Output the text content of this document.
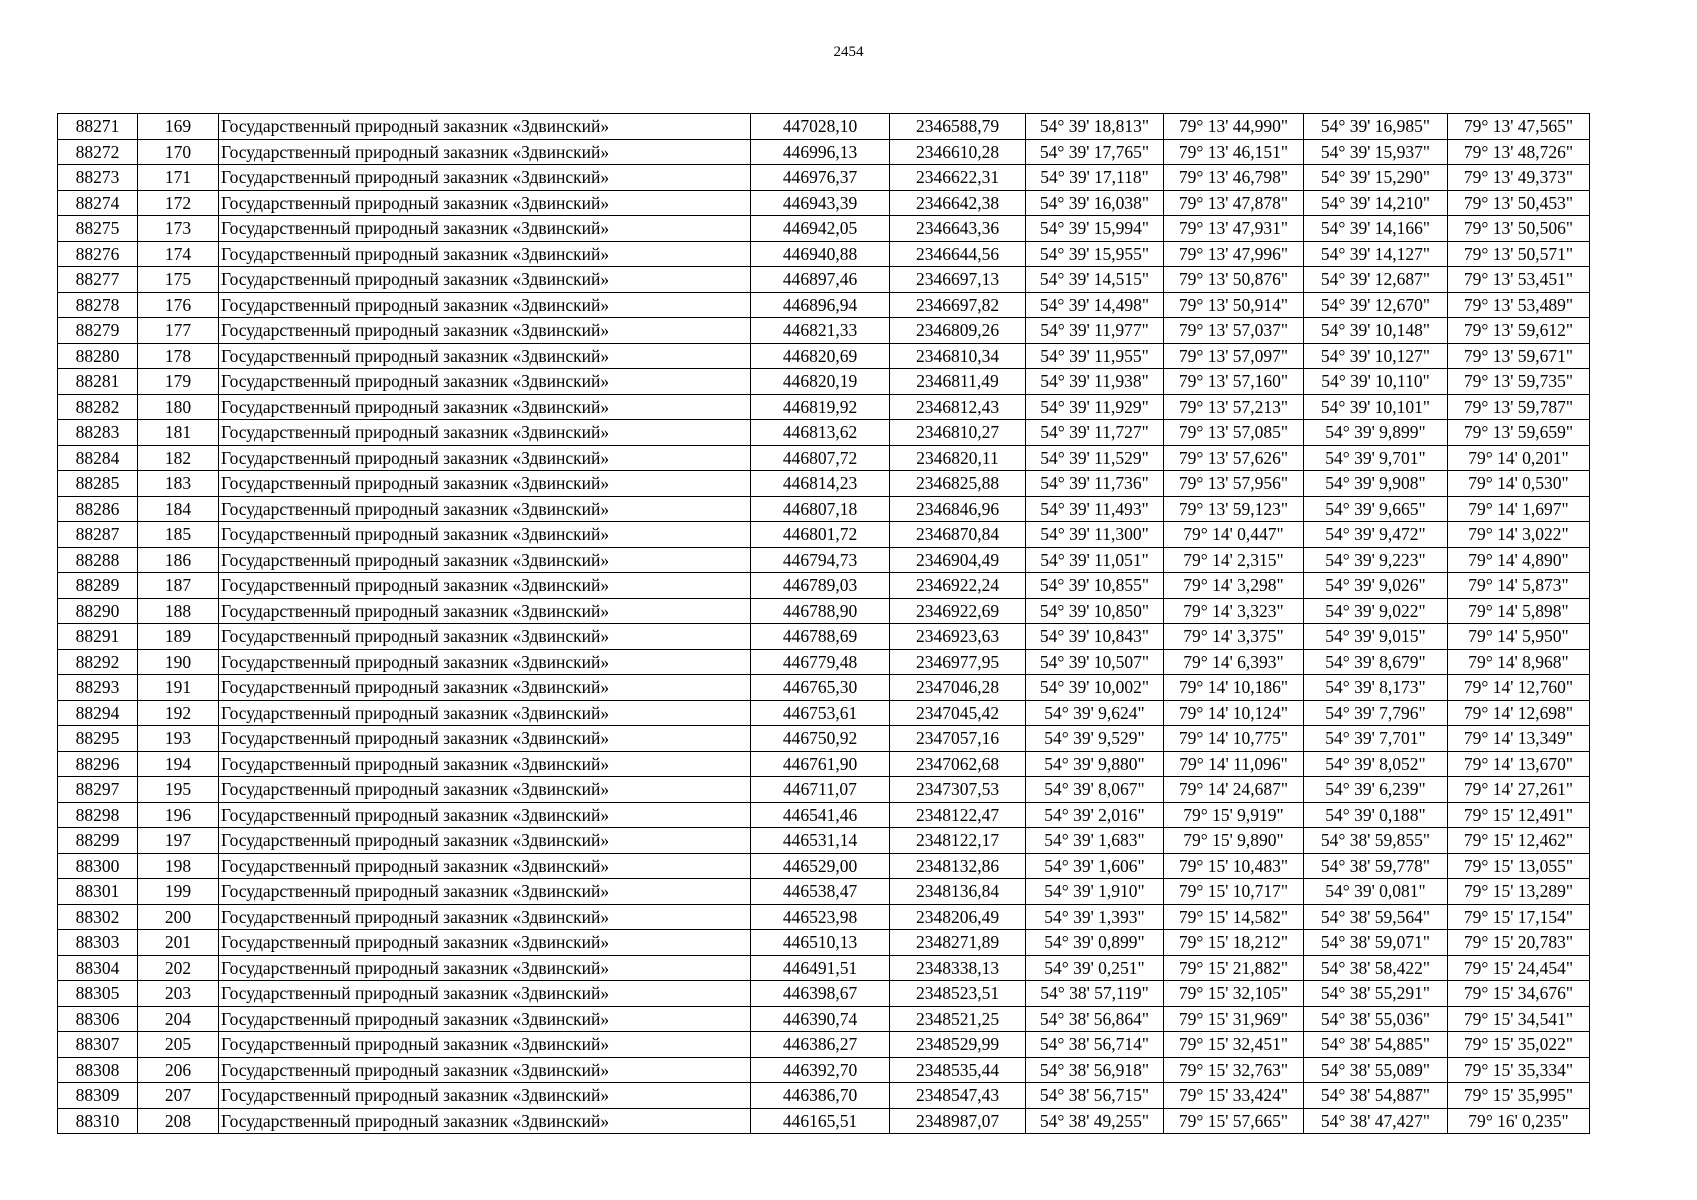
2454
88271	169	Государственный природный заказник «Здвинский»	447028,10	2346588,79	54° 39' 18,813"	79° 13' 44,990"	54° 39' 16,985"	79° 13' 47,565"
88272	170	Государственный природный заказник «Здвинский»	446996,13	2346610,28	54° 39' 17,765"	79° 13' 46,151"	54° 39' 15,937"	79° 13' 48,726"
88273	171	Государственный природный заказник «Здвинский»	446976,37	2346622,31	54° 39' 17,118"	79° 13' 46,798"	54° 39' 15,290"	79° 13' 49,373"
88274	172	Государственный природный заказник «Здвинский»	446943,39	2346642,38	54° 39' 16,038"	79° 13' 47,878"	54° 39' 14,210"	79° 13' 50,453"
88275	173	Государственный природный заказник «Здвинский»	446942,05	2346643,36	54° 39' 15,994"	79° 13' 47,931"	54° 39' 14,166"	79° 13' 50,506"
88276	174	Государственный природный заказник «Здвинский»	446940,88	2346644,56	54° 39' 15,955"	79° 13' 47,996"	54° 39' 14,127"	79° 13' 50,571"
88277	175	Государственный природный заказник «Здвинский»	446897,46	2346697,13	54° 39' 14,515"	79° 13' 50,876"	54° 39' 12,687"	79° 13' 53,451"
88278	176	Государственный природный заказник «Здвинский»	446896,94	2346697,82	54° 39' 14,498"	79° 13' 50,914"	54° 39' 12,670"	79° 13' 53,489"
88279	177	Государственный природный заказник «Здвинский»	446821,33	2346809,26	54° 39' 11,977"	79° 13' 57,037"	54° 39' 10,148"	79° 13' 59,612"
88280	178	Государственный природный заказник «Здвинский»	446820,69	2346810,34	54° 39' 11,955"	79° 13' 57,097"	54° 39' 10,127"	79° 13' 59,671"
88281	179	Государственный природный заказник «Здвинский»	446820,19	2346811,49	54° 39' 11,938"	79° 13' 57,160"	54° 39' 10,110"	79° 13' 59,735"
88282	180	Государственный природный заказник «Здвинский»	446819,92	2346812,43	54° 39' 11,929"	79° 13' 57,213"	54° 39' 10,101"	79° 13' 59,787"
88283	181	Государственный природный заказник «Здвинский»	446813,62	2346810,27	54° 39' 11,727"	79° 13' 57,085"	54° 39' 9,899"	79° 13' 59,659"
88284	182	Государственный природный заказник «Здвинский»	446807,72	2346820,11	54° 39' 11,529"	79° 13' 57,626"	54° 39' 9,701"	79° 14' 0,201"
88285	183	Государственный природный заказник «Здвинский»	446814,23	2346825,88	54° 39' 11,736"	79° 13' 57,956"	54° 39' 9,908"	79° 14' 0,530"
88286	184	Государственный природный заказник «Здвинский»	446807,18	2346846,96	54° 39' 11,493"	79° 13' 59,123"	54° 39' 9,665"	79° 14' 1,697"
88287	185	Государственный природный заказник «Здвинский»	446801,72	2346870,84	54° 39' 11,300"	79° 14' 0,447"	54° 39' 9,472"	79° 14' 3,022"
88288	186	Государственный природный заказник «Здвинский»	446794,73	2346904,49	54° 39' 11,051"	79° 14' 2,315"	54° 39' 9,223"	79° 14' 4,890"
88289	187	Государственный природный заказник «Здвинский»	446789,03	2346922,24	54° 39' 10,855"	79° 14' 3,298"	54° 39' 9,026"	79° 14' 5,873"
88290	188	Государственный природный заказник «Здвинский»	446788,90	2346922,69	54° 39' 10,850"	79° 14' 3,323"	54° 39' 9,022"	79° 14' 5,898"
88291	189	Государственный природный заказник «Здвинский»	446788,69	2346923,63	54° 39' 10,843"	79° 14' 3,375"	54° 39' 9,015"	79° 14' 5,950"
88292	190	Государственный природный заказник «Здвинский»	446779,48	2346977,95	54° 39' 10,507"	79° 14' 6,393"	54° 39' 8,679"	79° 14' 8,968"
88293	191	Государственный природный заказник «Здвинский»	446765,30	2347046,28	54° 39' 10,002"	79° 14' 10,186"	54° 39' 8,173"	79° 14' 12,760"
88294	192	Государственный природный заказник «Здвинский»	446753,61	2347045,42	54° 39' 9,624"	79° 14' 10,124"	54° 39' 7,796"	79° 14' 12,698"
88295	193	Государственный природный заказник «Здвинский»	446750,92	2347057,16	54° 39' 9,529"	79° 14' 10,775"	54° 39' 7,701"	79° 14' 13,349"
88296	194	Государственный природный заказник «Здвинский»	446761,90	2347062,68	54° 39' 9,880"	79° 14' 11,096"	54° 39' 8,052"	79° 14' 13,670"
88297	195	Государственный природный заказник «Здвинский»	446711,07	2347307,53	54° 39' 8,067"	79° 14' 24,687"	54° 39' 6,239"	79° 14' 27,261"
88298	196	Государственный природный заказник «Здвинский»	446541,46	2348122,47	54° 39' 2,016"	79° 15' 9,919"	54° 39' 0,188"	79° 15' 12,491"
88299	197	Государственный природный заказник «Здвинский»	446531,14	2348122,17	54° 39' 1,683"	79° 15' 9,890"	54° 38' 59,855"	79° 15' 12,462"
88300	198	Государственный природный заказник «Здвинский»	446529,00	2348132,86	54° 39' 1,606"	79° 15' 10,483"	54° 38' 59,778"	79° 15' 13,055"
88301	199	Государственный природный заказник «Здвинский»	446538,47	2348136,84	54° 39' 1,910"	79° 15' 10,717"	54° 39' 0,081"	79° 15' 13,289"
88302	200	Государственный природный заказник «Здвинский»	446523,98	2348206,49	54° 39' 1,393"	79° 15' 14,582"	54° 38' 59,564"	79° 15' 17,154"
88303	201	Государственный природный заказник «Здвинский»	446510,13	2348271,89	54° 39' 0,899"	79° 15' 18,212"	54° 38' 59,071"	79° 15' 20,783"
88304	202	Государственный природный заказник «Здвинский»	446491,51	2348338,13	54° 39' 0,251"	79° 15' 21,882"	54° 38' 58,422"	79° 15' 24,454"
88305	203	Государственный природный заказник «Здвинский»	446398,67	2348523,51	54° 38' 57,119"	79° 15' 32,105"	54° 38' 55,291"	79° 15' 34,676"
88306	204	Государственный природный заказник «Здвинский»	446390,74	2348521,25	54° 38' 56,864"	79° 15' 31,969"	54° 38' 55,036"	79° 15' 34,541"
88307	205	Государственный природный заказник «Здвинский»	446386,27	2348529,99	54° 38' 56,714"	79° 15' 32,451"	54° 38' 54,885"	79° 15' 35,022"
88308	206	Государственный природный заказник «Здвинский»	446392,70	2348535,44	54° 38' 56,918"	79° 15' 32,763"	54° 38' 55,089"	79° 15' 35,334"
88309	207	Государственный природный заказник «Здвинский»	446386,70	2348547,43	54° 38' 56,715"	79° 15' 33,424"	54° 38' 54,887"	79° 15' 35,995"
88310	208	Государственный природный заказник «Здвинский»	446165,51	2348987,07	54° 38' 49,255"	79° 15' 57,665"	54° 38' 47,427"	79° 16' 0,235"
